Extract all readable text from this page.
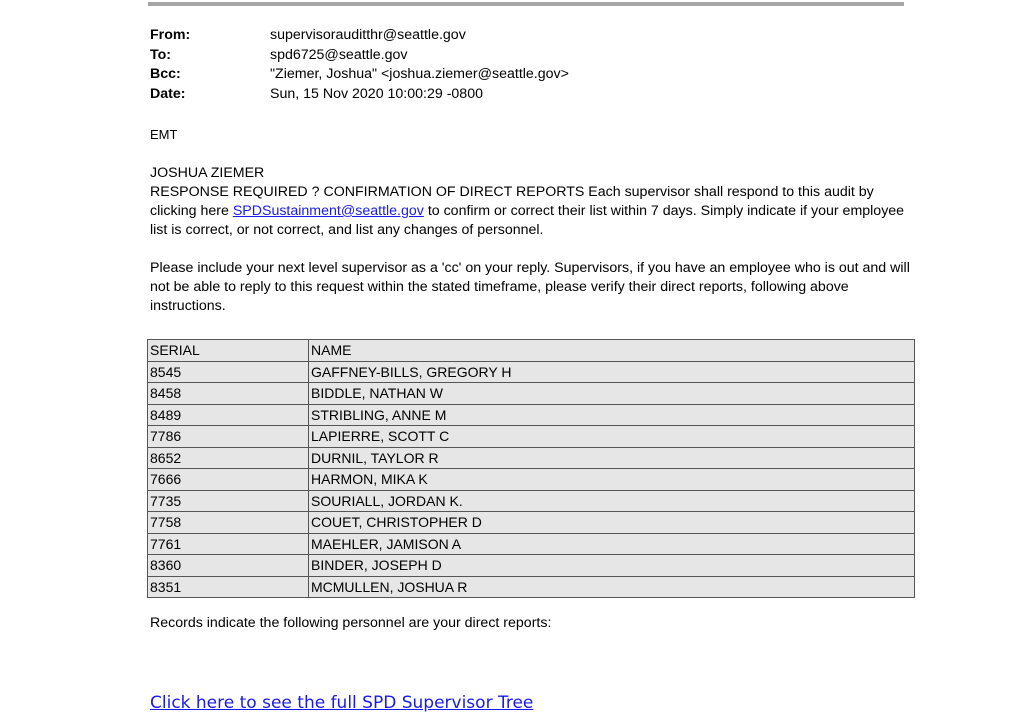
From:	supervisorauditthr@seattle.gov
To:	spd6725@seattle.gov
Bcc:	"Ziemer, Joshua" <joshua.ziemer@seattle.gov>
Date:	Sun, 15 Nov 2020 10:00:29 -0800
EMT

JOSHUA ZIEMER

RESPONSE REQUIRED ? CONFIRMATION OF DIRECT REPORTS Each supervisor shall respond to this audit by clicking here SPDSustainment@seattle.gov to confirm or correct their list within 7 days. Simply indicate if your employee list is correct, or not correct, and list any changes of personnel.

Please include your next level supervisor as a 'cc' on your reply. Supervisors, if you have an employee who is out and will not be able to reply to this request within the stated timeframe, please verify their direct reports, following above instructions.

SERIAL	NAME
8545	GAFFNEY-BILLS, GREGORY H
8458	BIDDLE, NATHAN W
8489	STRIBLING, ANNE M
7786	LAPIERRE, SCOTT C
8652	DURNIL, TAYLOR R
7666	HARMON, MIKA K
7735	SOURIALL, JORDAN K.
7758	COUET, CHRISTOPHER D
7761	MAEHLER, JAMISON A
8360	BINDER, JOSEPH D
8351	MCMULLEN, JOSHUA R
Records indicate the following personnel are your direct reports:
Click here to see the full SPD Supervisor Tree
